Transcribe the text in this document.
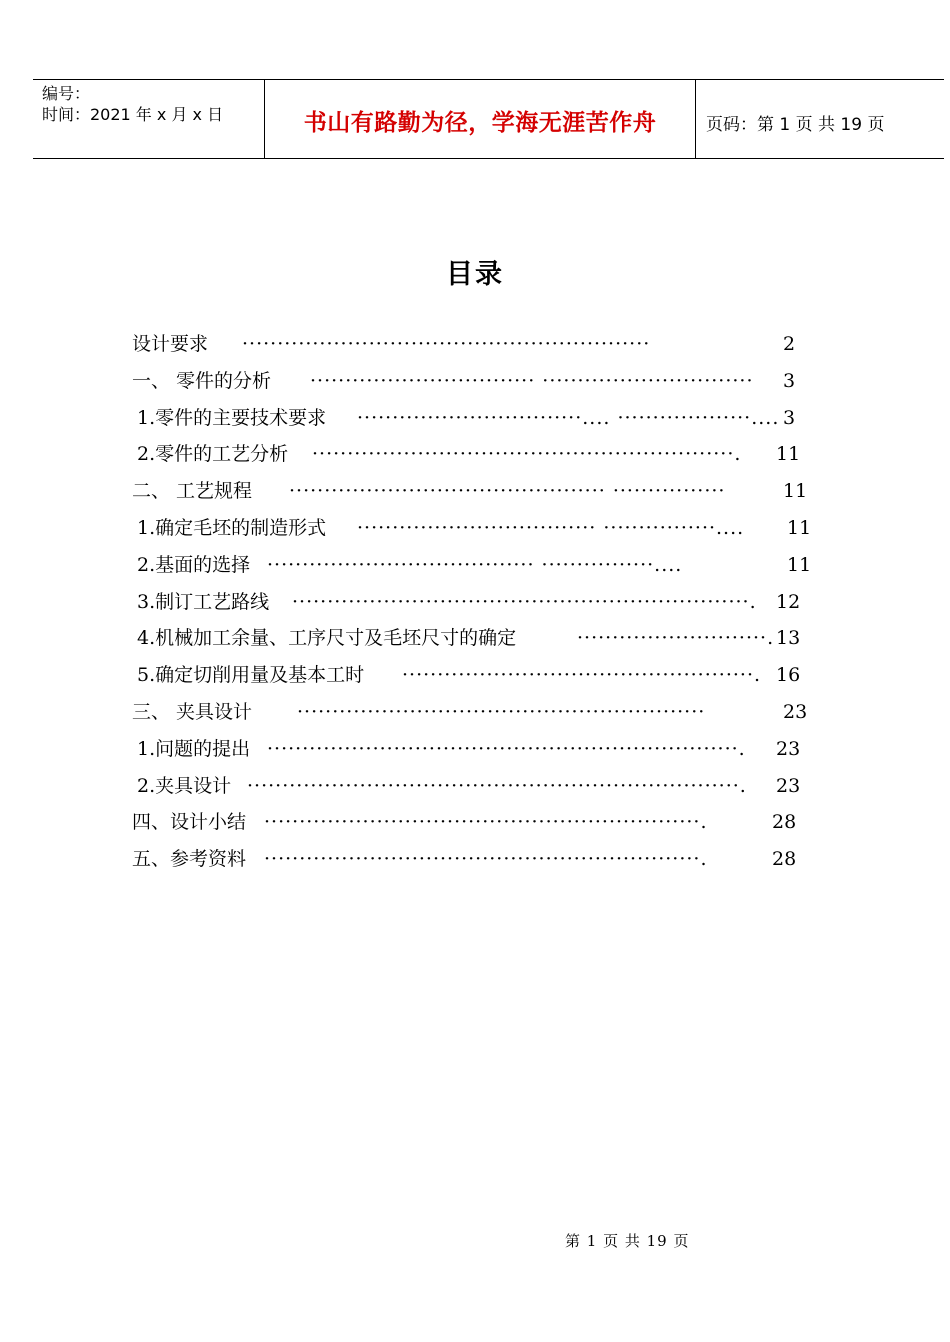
编号：
时间：2021 年 x 月 x 日	书山有路勤为径，学海无涯苦作舟	页码：第 1 页 共 19 页
目录
··························································
设计要求	2
································ ······························
一、 零件的分析	3
································.... ···················....
1.零件的主要技术要求	3
····························································.
2.零件的工艺分析	11
············································· ················
二、 工艺规程	11
·································· ················....
1.确定毛坯的制造形式	11
······································ ················....
2.基面的选择	11
·································································.
3.制订工艺路线	12
···························.
4.机械加工余量、工序尺寸及毛坯尺寸的确定	13
··················································.
5.确定切削用量及基本工时	16
··························································
三、 夹具设计	23
···································································.
1.问题的提出	23
······································································.
2.夹具设计	23
······························································.
四、设计小结	28
······························································.
五、参考资料	28
第 1 页 共 19 页
